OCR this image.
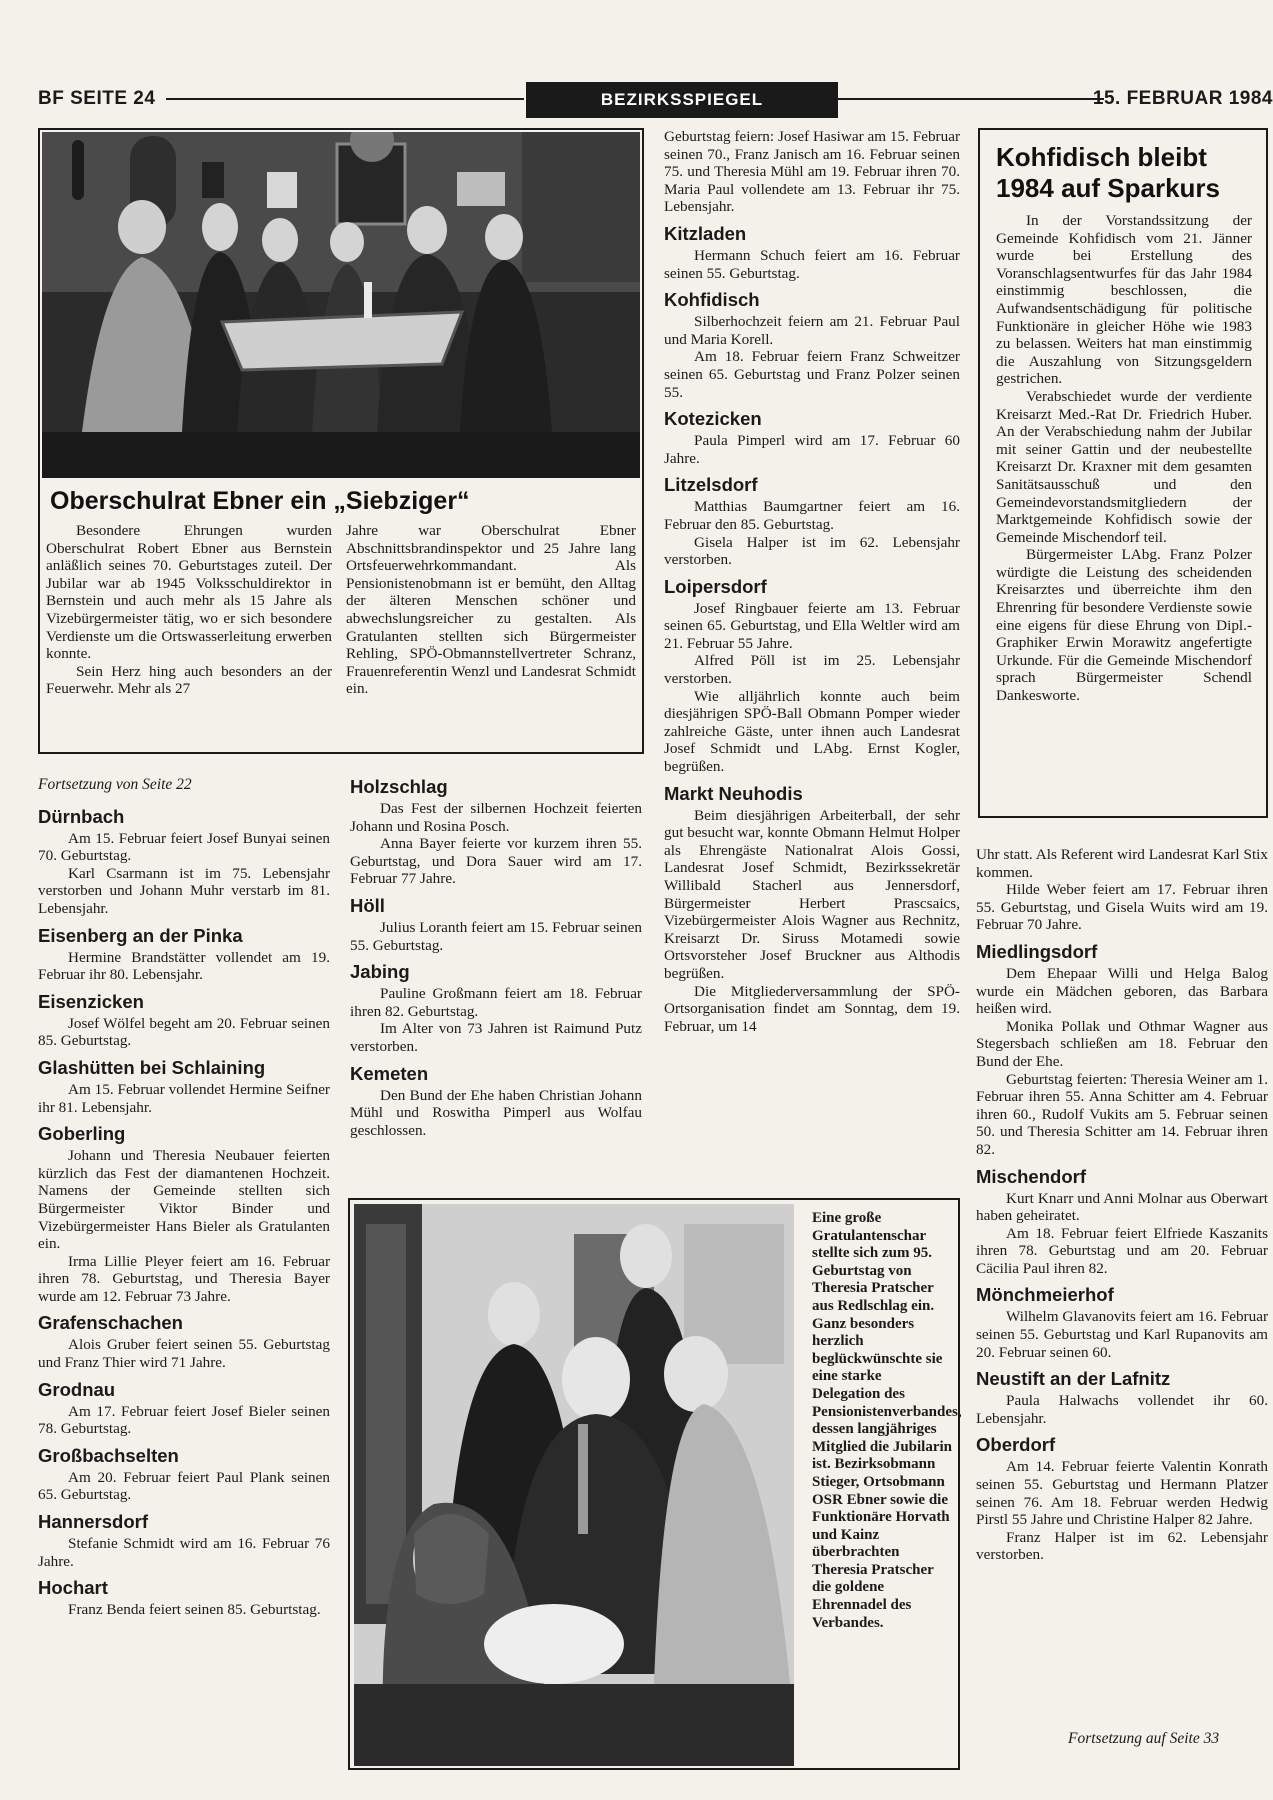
BF SEITE 24	BEZIRKSSPIEGEL	15. FEBRUAR 1984
Oberschulrat Ebner ein „Siebziger“

Besondere Ehrungen wurden Oberschulrat Robert Ebner aus Bernstein anläßlich seines 70. Geburtstages zuteil. Der Jubilar war ab 1945 Volksschuldirektor in Bernstein und auch mehr als 15 Jahre als Vizebürgermeister tätig, wo er sich besondere Verdienste um die Ortswasserleitung erwerben konnte.

Sein Herz hing auch besonders an der Feuerwehr. Mehr als 27

Jahre war Oberschulrat Ebner Abschnittsbrandinspektor und 25 Jahre lang Ortsfeuerwehrkommandant. Als Pensionistenobmann ist er bemüht, den Alltag der älteren Menschen schöner und abwechslungsreicher zu gestalten. Als Gratulanten stellten sich Bürgermeister Rehling, SPÖ-Obmannstellvertreter Schranz, Frauenreferentin Wenzl und Landesrat Schmidt ein.

Geburtstag feiern: Josef Hasiwar am 15. Februar seinen 70., Franz Janisch am 16. Februar seinen 75. und Theresia Mühl am 19. Februar ihren 70. Maria Paul vollendete am 13. Februar ihr 75. Lebensjahr.

Kitzladen

Hermann Schuch feiert am 16. Februar seinen 55. Geburtstag.

Kohfidisch

Silberhochzeit feiern am 21. Februar Paul und Maria Korell.

Am 18. Februar feiern Franz Schweitzer seinen 65. Geburtstag und Franz Polzer seinen 55.

Kotezicken

Paula Pimperl wird am 17. Februar 60 Jahre.

Litzelsdorf

Matthias Baumgartner feiert am 16. Februar den 85. Geburtstag.

Gisela Halper ist im 62. Lebensjahr verstorben.

Loipersdorf

Josef Ringbauer feierte am 13. Februar seinen 65. Geburtstag, und Ella Weltler wird am 21. Februar 55 Jahre.

Alfred Pöll ist im 25. Lebensjahr verstorben.

Wie alljährlich konnte auch beim diesjährigen SPÖ-Ball Obmann Pomper wieder zahlreiche Gäste, unter ihnen auch Landesrat Josef Schmidt und LAbg. Ernst Kogler, begrüßen.

Markt Neuhodis

Beim diesjährigen Arbeiterball, der sehr gut besucht war, konnte Obmann Helmut Holper als Ehrengäste Nationalrat Alois Gossi, Landesrat Josef Schmidt, Bezirkssekretär Willibald Stacherl aus Jennersdorf, Bürgermeister Herbert Prascsaics, Vizebürgermeister Alois Wagner aus Rechnitz, Kreisarzt Dr. Siruss Motamedi sowie Ortsvorsteher Josef Bruckner aus Althodis begrüßen.

Die Mitgliederversammlung der SPÖ-Ortsorganisation findet am Sonntag, dem 19. Februar, um 14

Kohfidisch bleibt 1984 auf Sparkurs

In der Vorstandssitzung der Gemeinde Kohfidisch vom 21. Jänner wurde bei Erstellung des Voranschlagsentwurfes für das Jahr 1984 einstimmig beschlossen, die Aufwandsentschädigung für politische Funktionäre in gleicher Höhe wie 1983 zu belassen. Weiters hat man einstimmig die Auszahlung von Sitzungsgeldern gestrichen.

Verabschiedet wurde der verdiente Kreisarzt Med.-Rat Dr. Friedrich Huber. An der Verabschiedung nahm der Jubilar mit seiner Gattin und der neubestellte Kreisarzt Dr. Kraxner mit dem gesamten Sanitätsausschuß und den Gemeindevorstandsmitgliedern der Marktgemeinde Kohfidisch sowie der Gemeinde Mischendorf teil.

Bürgermeister LAbg. Franz Polzer würdigte die Leistung des scheidenden Kreisarztes und überreichte ihm den Ehrenring für besondere Verdienste sowie eine eigens für diese Ehrung von Dipl.-Graphiker Erwin Morawitz angefertigte Urkunde. Für die Gemeinde Mischendorf sprach Bürgermeister Schendl Dankesworte.

Fortsetzung von Seite 22
Dürnbach

Am 15. Februar feiert Josef Bunyai seinen 70. Geburtstag.

Karl Csarmann ist im 75. Lebensjahr verstorben und Johann Muhr verstarb im 81. Lebensjahr.

Eisenberg an der Pinka

Hermine Brandstätter vollendet am 19. Februar ihr 80. Lebensjahr.

Eisenzicken

Josef Wölfel begeht am 20. Februar seinen 85. Geburtstag.

Glashütten bei Schlaining

Am 15. Februar vollendet Hermine Seifner ihr 81. Lebensjahr.

Goberling

Johann und Theresia Neubauer feierten kürzlich das Fest der diamantenen Hochzeit. Namens der Gemeinde stellten sich Bürgermeister Viktor Binder und Vizebürgermeister Hans Bieler als Gratulanten ein.

Irma Lillie Pleyer feiert am 16. Februar ihren 78. Geburtstag, und Theresia Bayer wurde am 12. Februar 73 Jahre.

Grafenschachen

Alois Gruber feiert seinen 55. Geburtstag und Franz Thier wird 71 Jahre.

Grodnau

Am 17. Februar feiert Josef Bieler seinen 78. Geburtstag.

Großbachselten

Am 20. Februar feiert Paul Plank seinen 65. Geburtstag.

Hannersdorf

Stefanie Schmidt wird am 16. Februar 76 Jahre.

Hochart

Franz Benda feiert seinen 85. Geburtstag.

Holzschlag

Das Fest der silbernen Hochzeit feierten Johann und Rosina Posch.

Anna Bayer feierte vor kurzem ihren 55. Geburtstag, und Dora Sauer wird am 17. Februar 77 Jahre.

Höll

Julius Loranth feiert am 15. Februar seinen 55. Geburtstag.

Jabing

Pauline Großmann feiert am 18. Februar ihren 82. Geburtstag.

Im Alter von 73 Jahren ist Raimund Putz verstorben.

Kemeten

Den Bund der Ehe haben Christian Johann Mühl und Roswitha Pimperl aus Wolfau geschlossen.

Uhr statt. Als Referent wird Landesrat Karl Stix kommen.

Hilde Weber feiert am 17. Februar ihren 55. Geburtstag, und Gisela Wuits wird am 19. Februar 70 Jahre.

Miedlingsdorf

Dem Ehepaar Willi und Helga Balog wurde ein Mädchen geboren, das Barbara heißen wird.

Monika Pollak und Othmar Wagner aus Stegersbach schließen am 18. Februar den Bund der Ehe.

Geburtstag feierten: Theresia Weiner am 1. Februar ihren 55. Anna Schitter am 4. Februar ihren 60., Rudolf Vukits am 5. Februar seinen 50. und Theresia Schitter am 14. Februar ihren 82.

Mischendorf

Kurt Knarr und Anni Molnar aus Oberwart haben geheiratet.

Am 18. Februar feiert Elfriede Kaszanits ihren 78. Geburtstag und am 20. Februar Cäcilia Paul ihren 82.

Mönchmeierhof

Wilhelm Glavanovits feiert am 16. Februar seinen 55. Geburtstag und Karl Rupanovits am 20. Februar seinen 60.

Neustift an der Lafnitz

Paula Halwachs vollendet ihr 60. Lebensjahr.

Oberdorf

Am 14. Februar feierte Valentin Konrath seinen 55. Geburtstag und Hermann Platzer seinen 76. Am 18. Februar werden Hedwig Pirstl 55 Jahre und Christine Halper 82 Jahre.

Franz Halper ist im 62. Lebensjahr verstorben.

Fortsetzung auf Seite 33
Eine große Gratulantenschar stellte sich zum 95. Geburtstag von Theresia Pratscher aus Redlschlag ein. Ganz besonders herzlich beglückwünschte sie eine starke Delegation des Pensionistenverbandes, dessen langjähriges Mitglied die Jubilarin ist. Bezirksobmann Stieger, Ortsobmann OSR Ebner sowie die Funktionäre Horvath und Kainz überbrachten Theresia Pratscher die goldene Ehrennadel des Verbandes.
